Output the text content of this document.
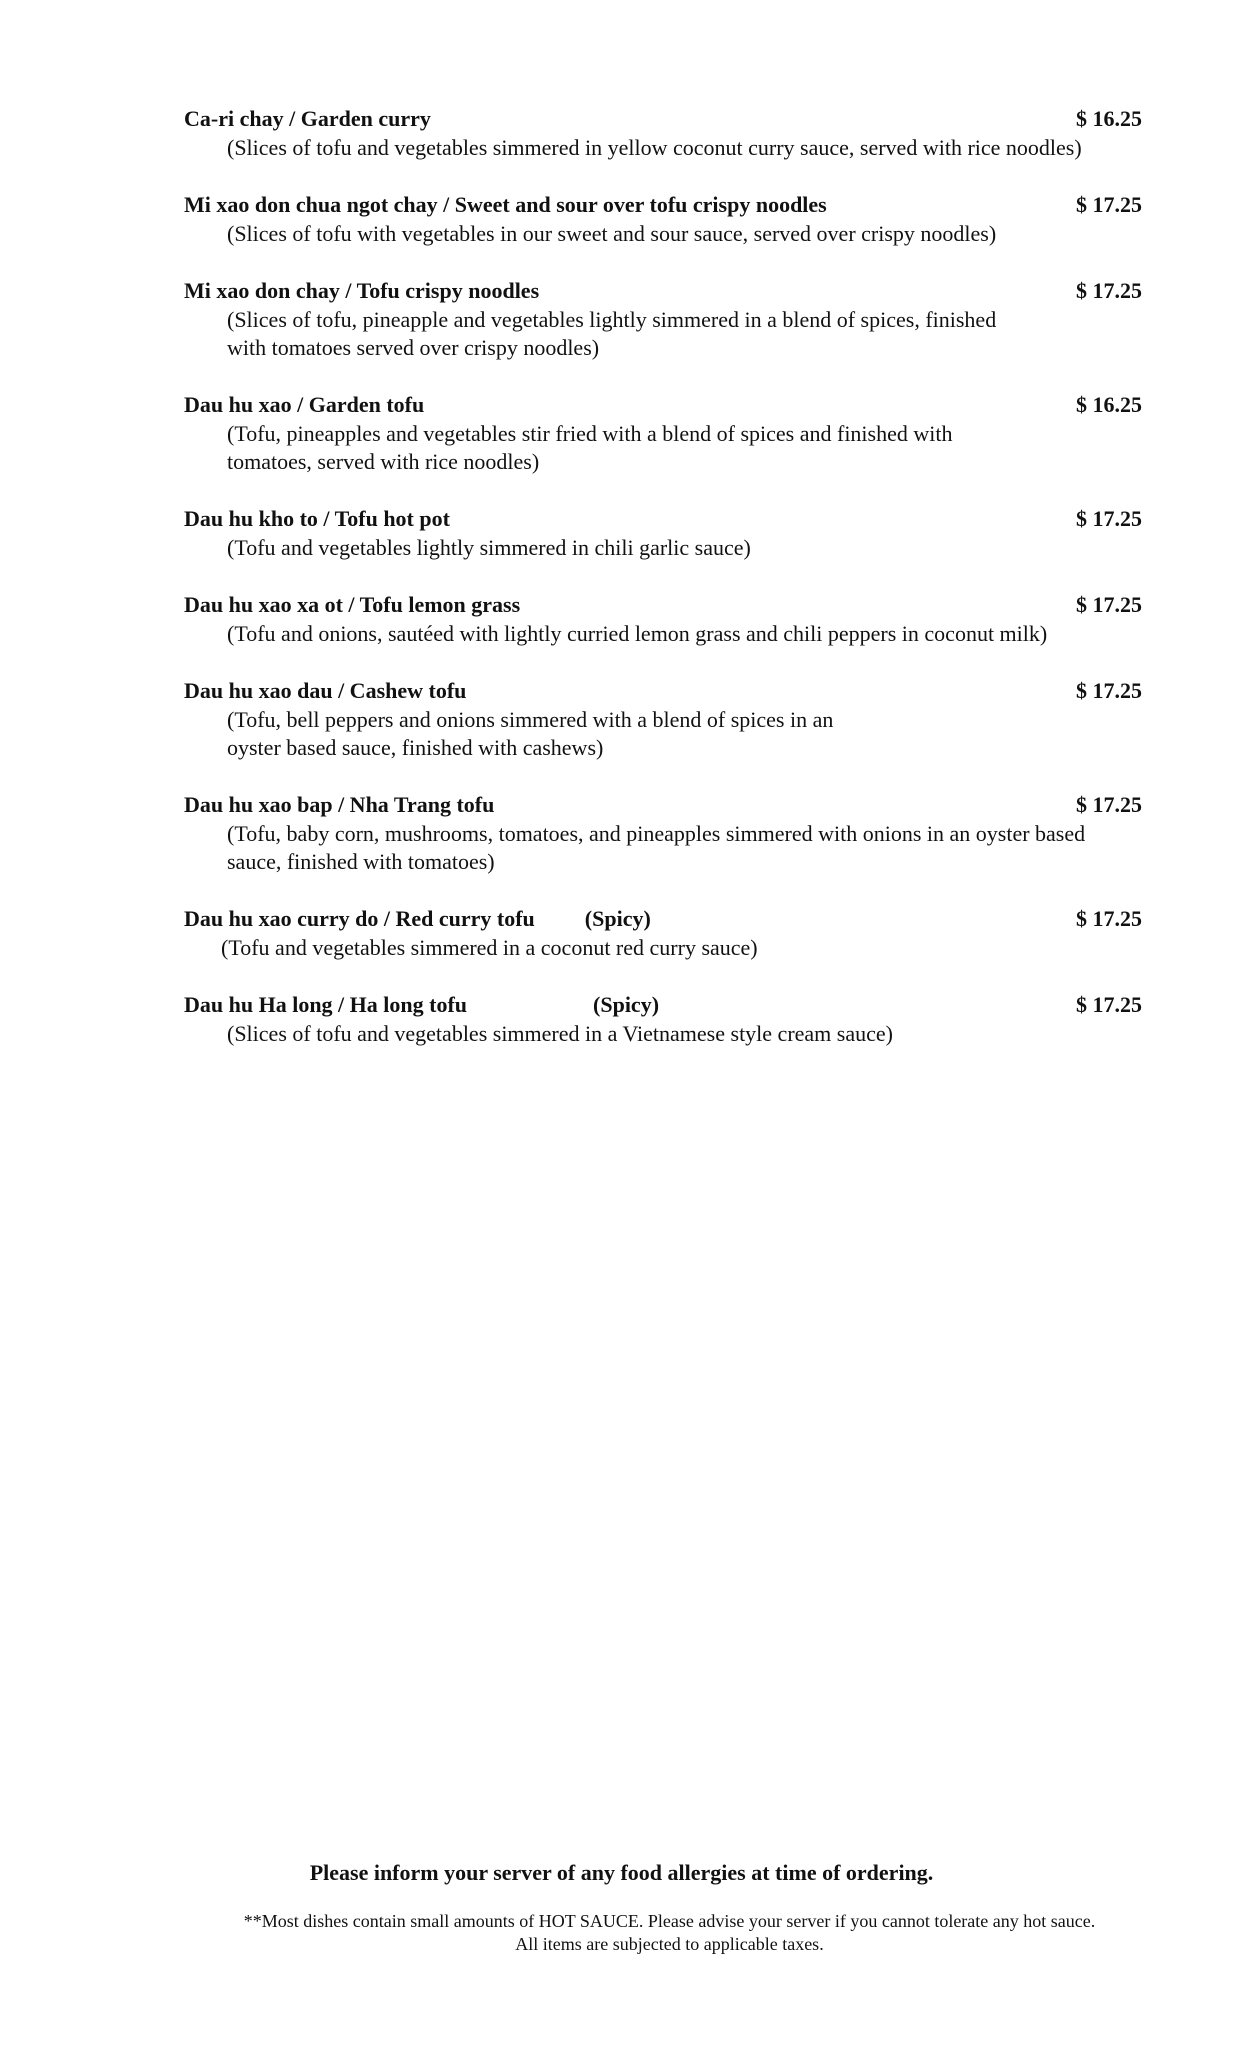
Ca-ri chay / Garden curry	$ 16.25
(Slices of tofu and vegetables simmered in yellow coconut curry sauce, served with rice noodles)
Mi xao don chua ngot chay / Sweet and sour over tofu crispy noodles	$ 17.25
(Slices of tofu with vegetables in our sweet and sour sauce, served over crispy noodles)
Mi xao don chay / Tofu crispy noodles	$ 17.25
(Slices of tofu, pineapple and vegetables lightly simmered in a blend of spices, finished with tomatoes served over crispy noodles)
Dau hu xao / Garden tofu	$ 16.25
(Tofu, pineapples and vegetables stir fried with a blend of spices and finished with tomatoes, served with rice noodles)
Dau hu kho to / Tofu hot pot	$ 17.25
(Tofu and vegetables lightly simmered in chili garlic sauce)
Dau hu xao xa ot / Tofu lemon grass	$ 17.25
(Tofu and onions, sautéed with lightly curried lemon grass and chili peppers in coconut milk)
Dau hu xao dau / Cashew tofu	$ 17.25
(Tofu, bell peppers and onions simmered with a blend of spices in an oyster based sauce, finished with cashews)
Dau hu xao bap / Nha Trang tofu	$ 17.25
(Tofu, baby corn, mushrooms, tomatoes, and pineapples simmered with onions in an oyster based sauce, finished with tomatoes)
Dau hu xao curry do / Red curry tofu (Spicy)	$ 17.25
(Tofu and vegetables simmered in a coconut red curry sauce)
Dau hu Ha long / Ha long tofu	(Spicy)	$ 17.25
(Slices of tofu and vegetables simmered in a Vietnamese style cream sauce)
Please inform your server of any food allergies at time of ordering.
**Most dishes contain small amounts of HOT SAUCE. Please advise your server if you cannot tolerate any hot sauce.
All items are subjected to applicable taxes.
